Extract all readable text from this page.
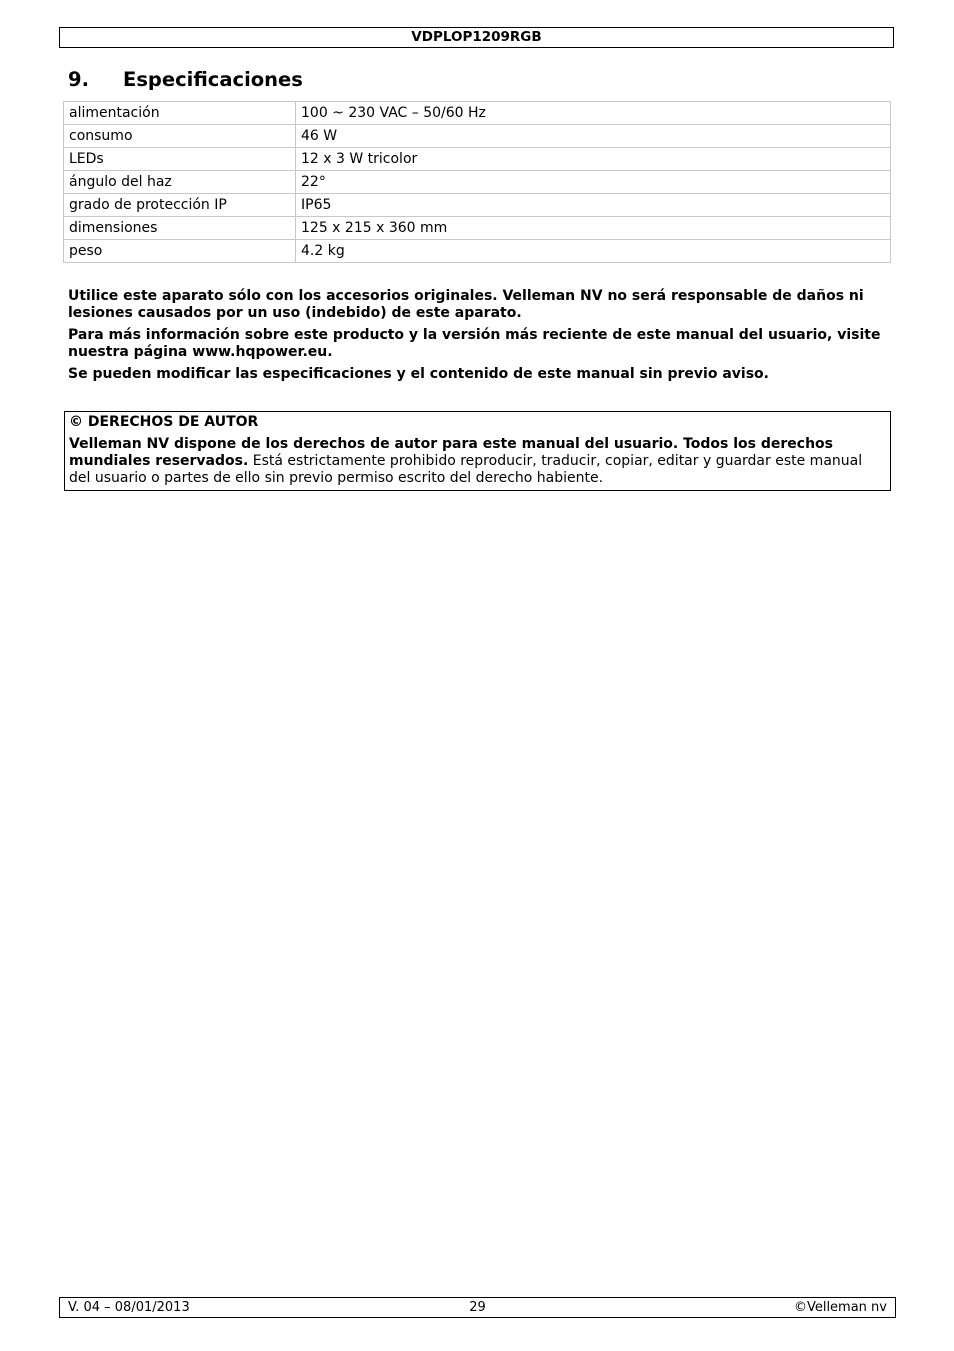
VDPLOP1209RGB
9. Especificaciones
alimentación	100 ~ 230 VAC – 50/60 Hz
consumo	46 W
LEDs	12 x 3 W tricolor
ángulo del haz	22°
grado de protección IP	IP65
dimensiones	125 x 215 x 360 mm
peso	4.2 kg

Utilice este aparato sólo con los accesorios originales. Velleman NV no será responsable de daños ni lesiones causados por un uso (indebido) de este aparato.

Para más información sobre este producto y la versión más reciente de este manual del usuario, visite nuestra página www.hqpower.eu.

Se pueden modificar las especificaciones y el contenido de este manual sin previo aviso.

© DERECHOS DE AUTOR

Velleman NV dispone de los derechos de autor para este manual del usuario. Todos los derechos mundiales reservados. Está estrictamente prohibido reproducir, traducir, copiar, editar y guardar este manual del usuario o partes de ello sin previo permiso escrito del derecho habiente.

V. 04 – 08/01/2013	29	©Velleman nv
